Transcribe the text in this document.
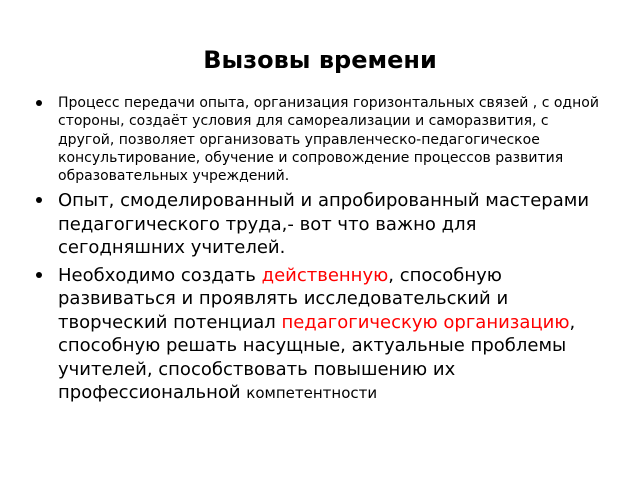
Вызовы времени
Процесс передачи опыта, организация горизонтальных связей , с одной стороны, создаёт условия для самореализации и саморазвития, с другой, позволяет организовать управленческо-педагогическое консультирование, обучение и сопровождение процессов развития образовательных учреждений.
Опыт, смоделированный и апробированный мастерами педагогического труда,- вот что важно для сегодняшних учителей.
Необходимо создать действенную, способную развиваться и проявлять исследовательский и творческий потенциал педагогическую организацию, способную решать насущные, актуальные проблемы учителей, способствовать повышению их профессиональной компетентности
